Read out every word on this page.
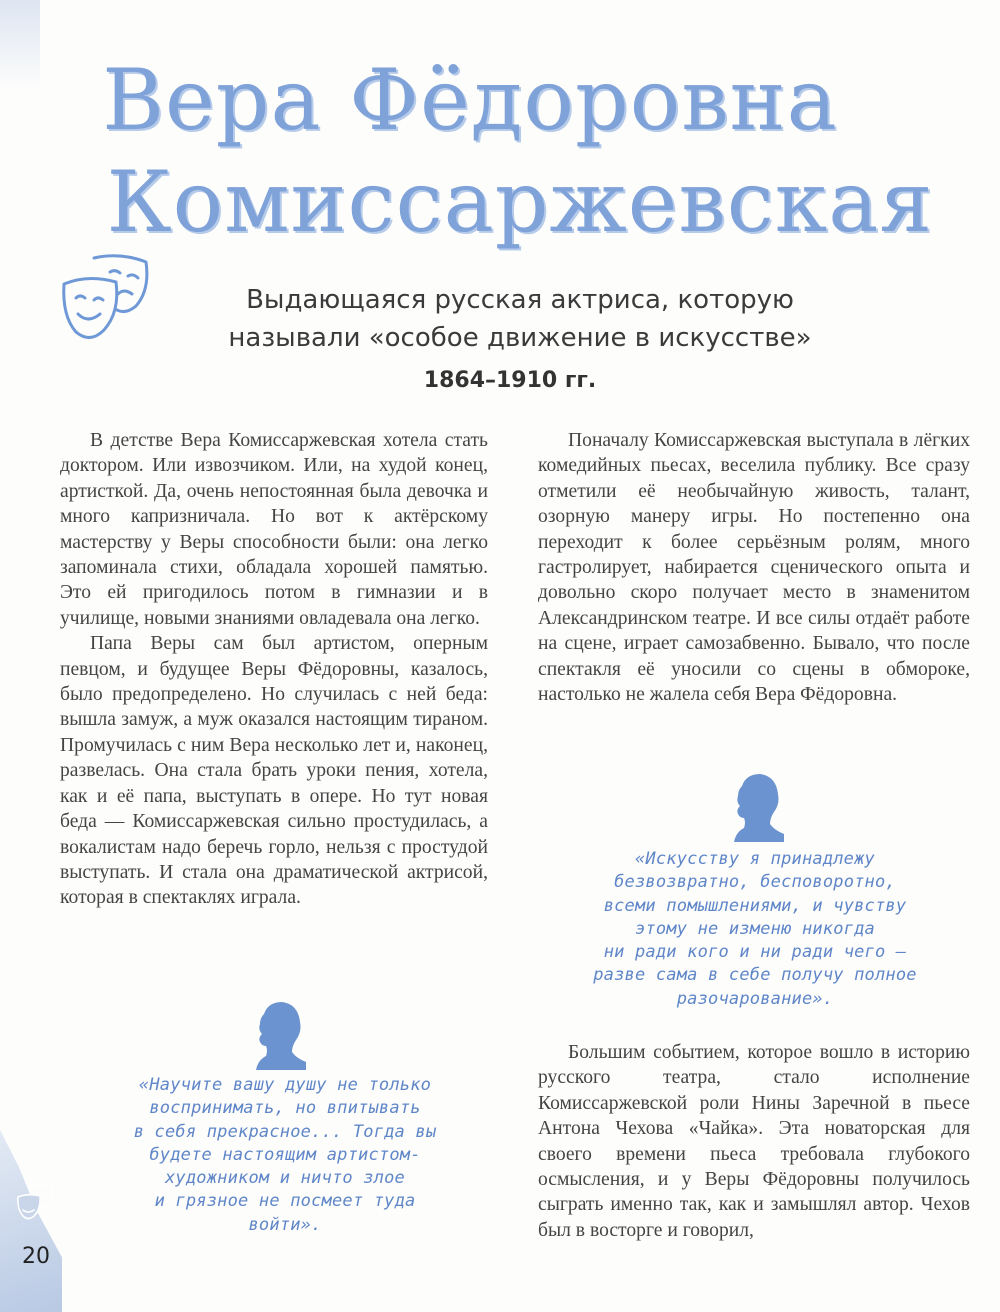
Вера Фёдоровна
Комиссаржевская
Выдающаяся русская актриса, которую
называли «особое движение в искусстве»
1864–1910 гг.

В детстве Вера Комиссаржевская хотела стать доктором. Или извозчиком. Или, на худой конец, артисткой. Да, очень непостоянная была девочка и много капризничала. Но вот к актёрскому мастерству у Веры способности были: она легко запоминала стихи, обладала хорошей памятью. Это ей пригодилось потом в гимназии и в училище, новыми знаниями овладевала она легко.

Папа Веры сам был артистом, оперным певцом, и будущее Веры Фёдоровны, казалось, было предопределено. Но случилась с ней беда: вышла замуж, а муж оказался настоящим тираном. Промучилась с ним Вера несколько лет и, наконец, развелась. Она стала брать уроки пения, хотела, как и её папа, выступать в опере. Но тут новая беда — Комиссаржевская сильно простудилась, а вокалистам надо беречь горло, нельзя с простудой выступать. И стала она драматической актрисой, которая в спектаклях играла.

Поначалу Комиссаржевская выступала в лёгких комедийных пьесах, веселила публику. Все сразу отметили её необычайную живость, талант, озорную манеру игры. Но постепенно она переходит к более серьёзным ролям, много гастролирует, набирается сценического опыта и довольно скоро получает место в знаменитом Александринском театре. И все силы отдаёт работе на сцене, играет самозабвенно. Бывало, что после спектакля её уносили со сцены в обмороке, настолько не жалела себя Вера Фёдоровна.

Большим событием, которое вошло в историю русского театра, стало исполнение Комиссаржевской роли Нины Заречной в пьесе Антона Чехова «Чайка». Эта новаторская для своего времени пьеса требовала глубокого осмысления, и у Веры Фёдоровны получилось сыграть именно так, как и замышлял автор. Чехов был в восторге и говорил,

«Научите вашу душу не только
воспринимать, но впитывать
в себя прекрасное... Тогда вы
будете настоящим артистом-
художником и ничто злое
и грязное не посмеет туда
войти».
«Искусству я принадлежу
безвозвратно, бесповоротно,
всеми помышлениями, и чувству
этому не изменю никогда
ни ради кого и ни ради чего —
разве сама в себе получу полное
разочарование».
20
